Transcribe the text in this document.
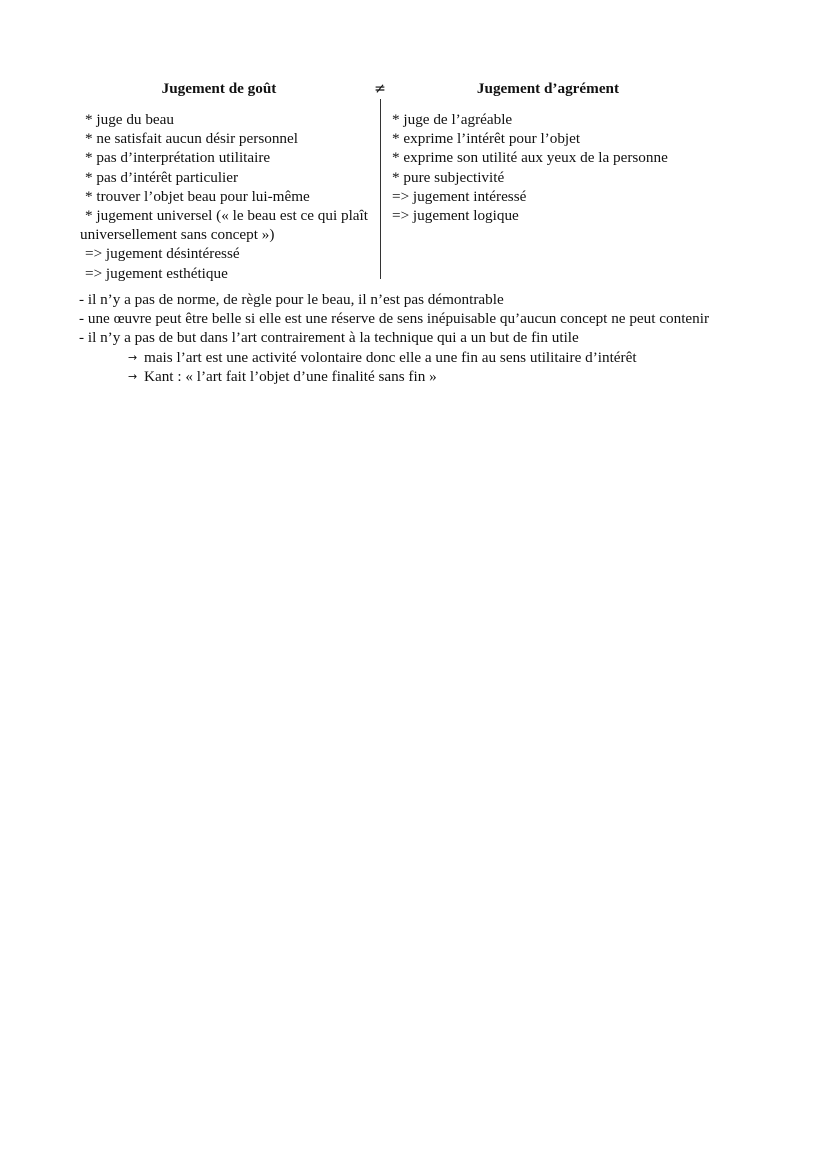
Jugement de goût
* juge du beau
* ne satisfait aucun désir personnel
* pas d’interprétation utilitaire
* pas d’intérêt particulier
* trouver l’objet beau pour lui-même
* jugement universel (« le beau est ce qui plaît universellement sans concept »)
=> jugement désintéressé
=> jugement esthétique
≠	Jugement d’agrément
* juge de l’agréable
* exprime l’intérêt pour l’objet
* exprime son utilité aux yeux de la personne
* pure subjectivité
=> jugement intéressé
=> jugement logique

- il n’y a pas de norme, de règle pour le beau, il n’est pas démontrable

- une œuvre peut être belle si elle est une réserve de sens inépuisable qu’aucun concept ne peut contenir

- il n’y a pas de but dans l’art contrairement à la technique qui a un but de fin utile

→ mais l’art est une activité volontaire donc elle a une fin au sens utilitaire d’intérêt

→ Kant : « l’art fait l’objet d’une finalité sans fin »
